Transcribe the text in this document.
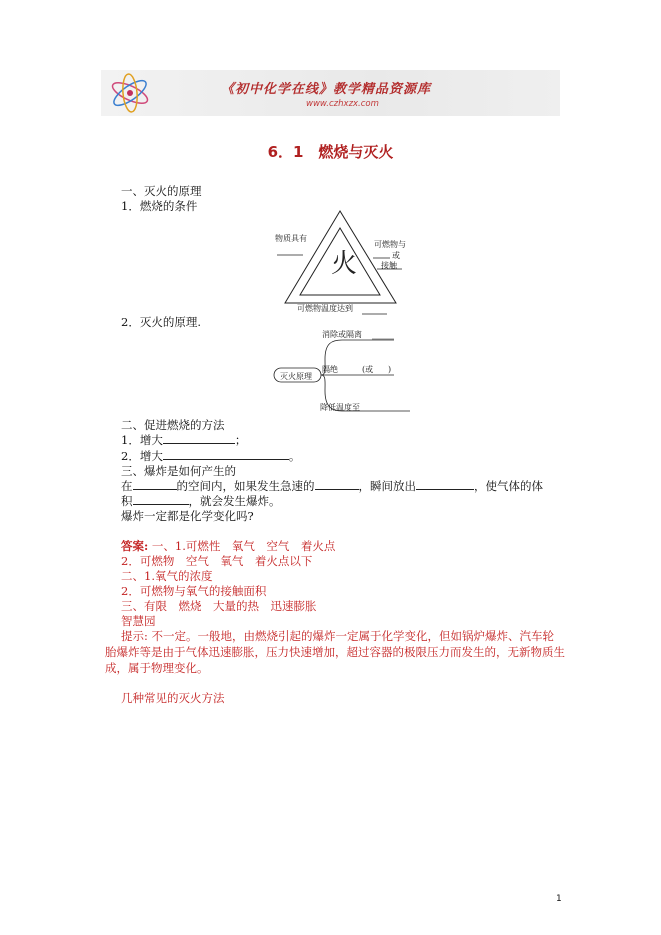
《初中化学在线》教学精品资源库
www.czhxzx.com
6．1　燃烧与灭火
一、灭火的原理
1．燃烧的条件
火
物质具有
可燃物与
或
接触
可燃物温度达到
2．灭火的原理.
灭火原理
消除或隔离
隔绝	(或 )
降低温度至
二、促进燃烧的方法
1．增大	；
2．增大	。
三、爆炸是如何产生的
在	的空间内，如果发生急速的	，瞬间放出	，使气体的体
积	，就会发生爆炸。
爆炸一定都是化学变化吗?
答案: 一、1.可燃性　氧气　空气　着火点
2．可燃物　空气　氧气　着火点以下
二、1.氧气的浓度
2．可燃物与氧气的接触面积
三、有限　燃烧　大量的热　迅速膨胀
智慧园
提示: 不一定。一般地，由燃烧引起的爆炸一定属于化学变化，但如锅炉爆炸、汽车轮
胎爆炸等是由于气体迅速膨胀，压力快速增加，超过容器的极限压力而发生的，无新物质生
成，属于物理变化。
几种常见的灭火方法
1
